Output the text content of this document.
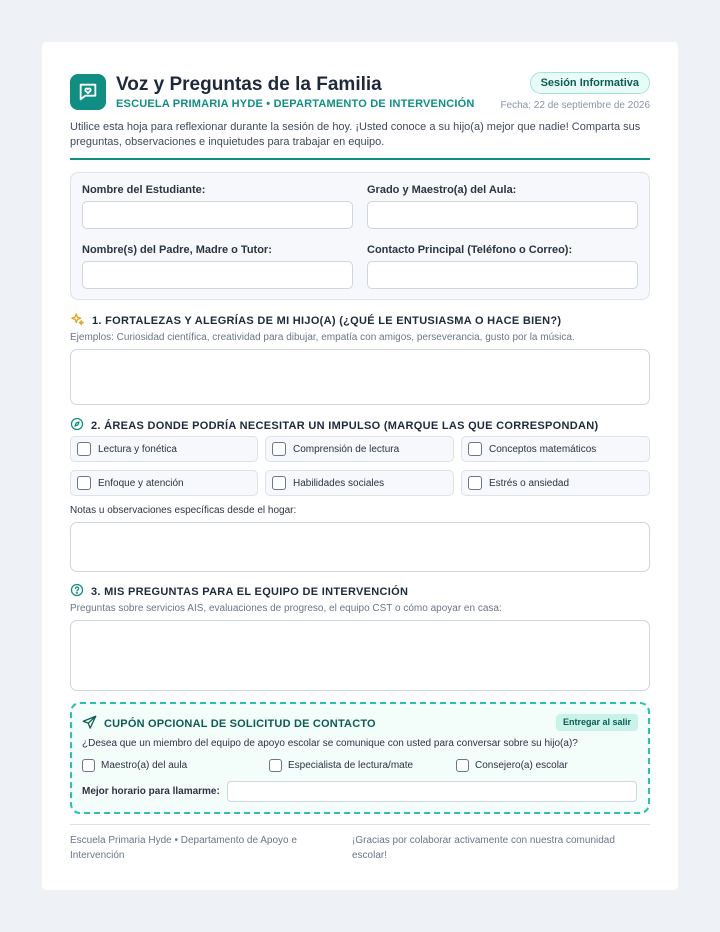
Voz y Preguntas de la Familia
ESCUELA PRIMARIA HYDE • DEPARTAMENTO DE INTERVENCIÓN
Sesión Informativa
Fecha: 22 de septiembre de 2026
Utilice esta hoja para reflexionar durante la sesión de hoy. ¡Usted conoce a su hijo(a) mejor que nadie! Comparta sus preguntas, observaciones e inquietudes para trabajar en equipo.
Nombre del Estudiante:	Grado y Maestro(a) del Aula:
Nombre(s) del Padre, Madre o Tutor:	Contacto Principal (Teléfono o Correo):
1. FORTALEZAS Y ALEGRÍAS DE MI HIJO(A) (¿QUÉ LE ENTUSIASMA O HACE BIEN?)
Ejemplos: Curiosidad científica, creatividad para dibujar, empatía con amigos, perseverancia, gusto por la música.
2. ÁREAS DONDE PODRÍA NECESITAR UN IMPULSO (MARQUE LAS QUE CORRESPONDAN)
Lectura y fonética	Comprensión de lectura	Conceptos matemáticos
Enfoque y atención	Habilidades sociales	Estrés o ansiedad
Notas u observaciones específicas desde el hogar:
3. MIS PREGUNTAS PARA EL EQUIPO DE INTERVENCIÓN
Preguntas sobre servicios AIS, evaluaciones de progreso, el equipo CST o cómo apoyar en casa:
CUPÓN OPCIONAL DE SOLICITUD DE CONTACTO	Entregar al salir
¿Desea que un miembro del equipo de apoyo escolar se comunique con usted para conversar sobre su hijo(a)?
Maestro(a) del aula	Especialista de lectura/mate	Consejero(a) escolar
Mejor horario para llamarme:
Escuela Primaria Hyde • Departamento de Apoyo e Intervención
¡Gracias por colaborar activamente con nuestra comunidad escolar!
